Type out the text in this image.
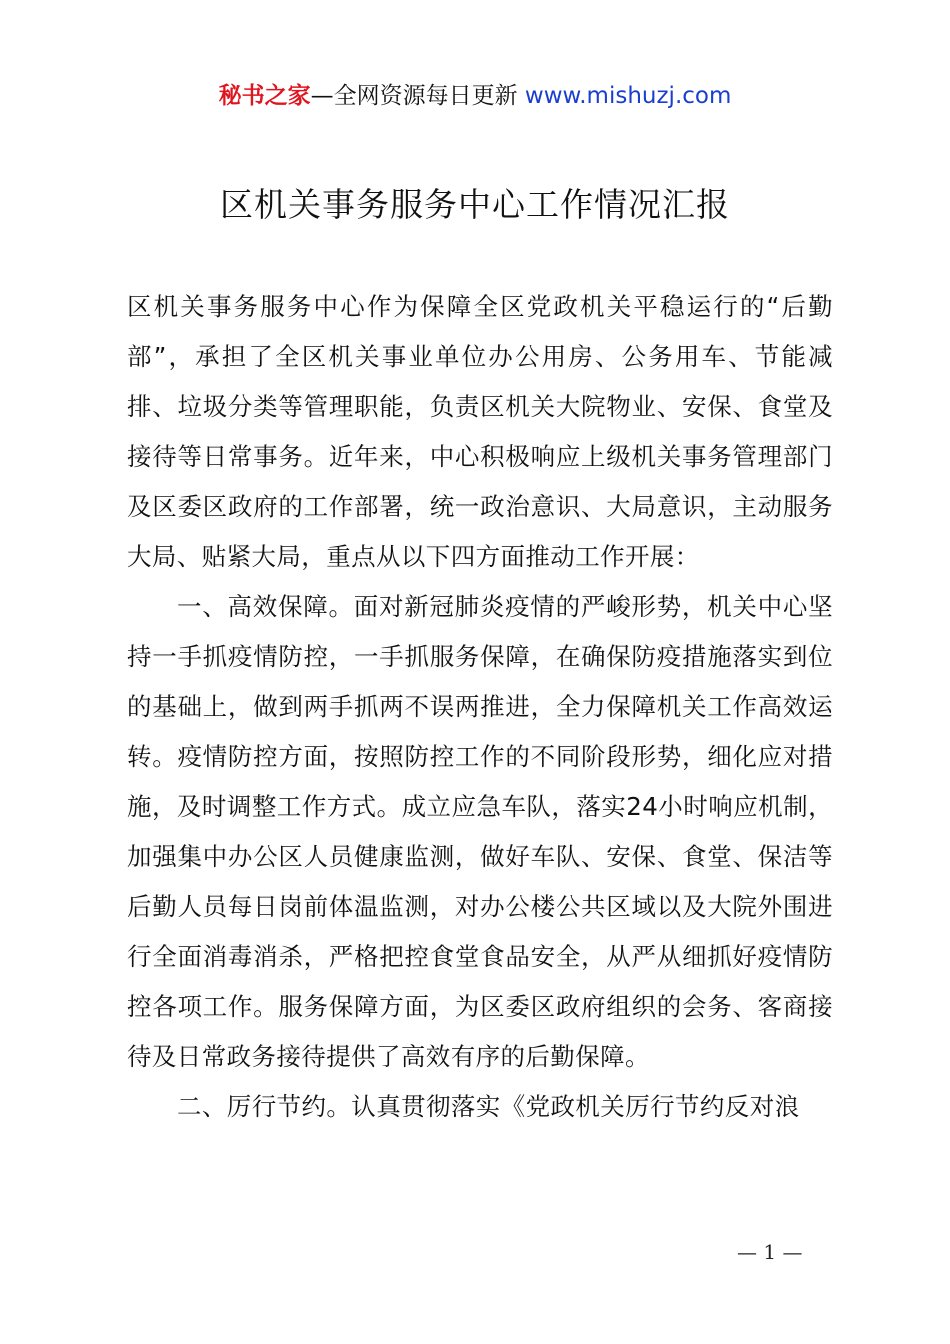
秘书之家—全网资源每日更新 www.mishuzj.com
区机关事务服务中心工作情况汇报

区机关事务服务中心作为保障全区党政机关平稳运行的“后勤部”，承担了全区机关事业单位办公用房、公务用车、节能减排、垃圾分类等管理职能，负责区机关大院物业、安保、食堂及接待等日常事务。近年来，中心积极响应上级机关事务管理部门及区委区政府的工作部署，统一政治意识、大局意识，主动服务大局、贴紧大局，重点从以下四方面推动工作开展：

一、高效保障。面对新冠肺炎疫情的严峻形势，机关中心坚持一手抓疫情防控，一手抓服务保障，在确保防疫措施落实到位的基础上，做到两手抓两不误两推进，全力保障机关工作高效运转。疫情防控方面，按照防控工作的不同阶段形势，细化应对措施，及时调整工作方式。成立应急车队，落实24小时响应机制，加强集中办公区人员健康监测，做好车队、安保、食堂、保洁等后勤人员每日岗前体温监测，对办公楼公共区域以及大院外围进行全面消毒消杀，严格把控食堂食品安全，从严从细抓好疫情防控各项工作。服务保障方面，为区委区政府组织的会务、客商接待及日常政务接待提供了高效有序的后勤保障。

二、厉行节约。认真贯彻落实《党政机关厉行节约反对浪

— 1 —
